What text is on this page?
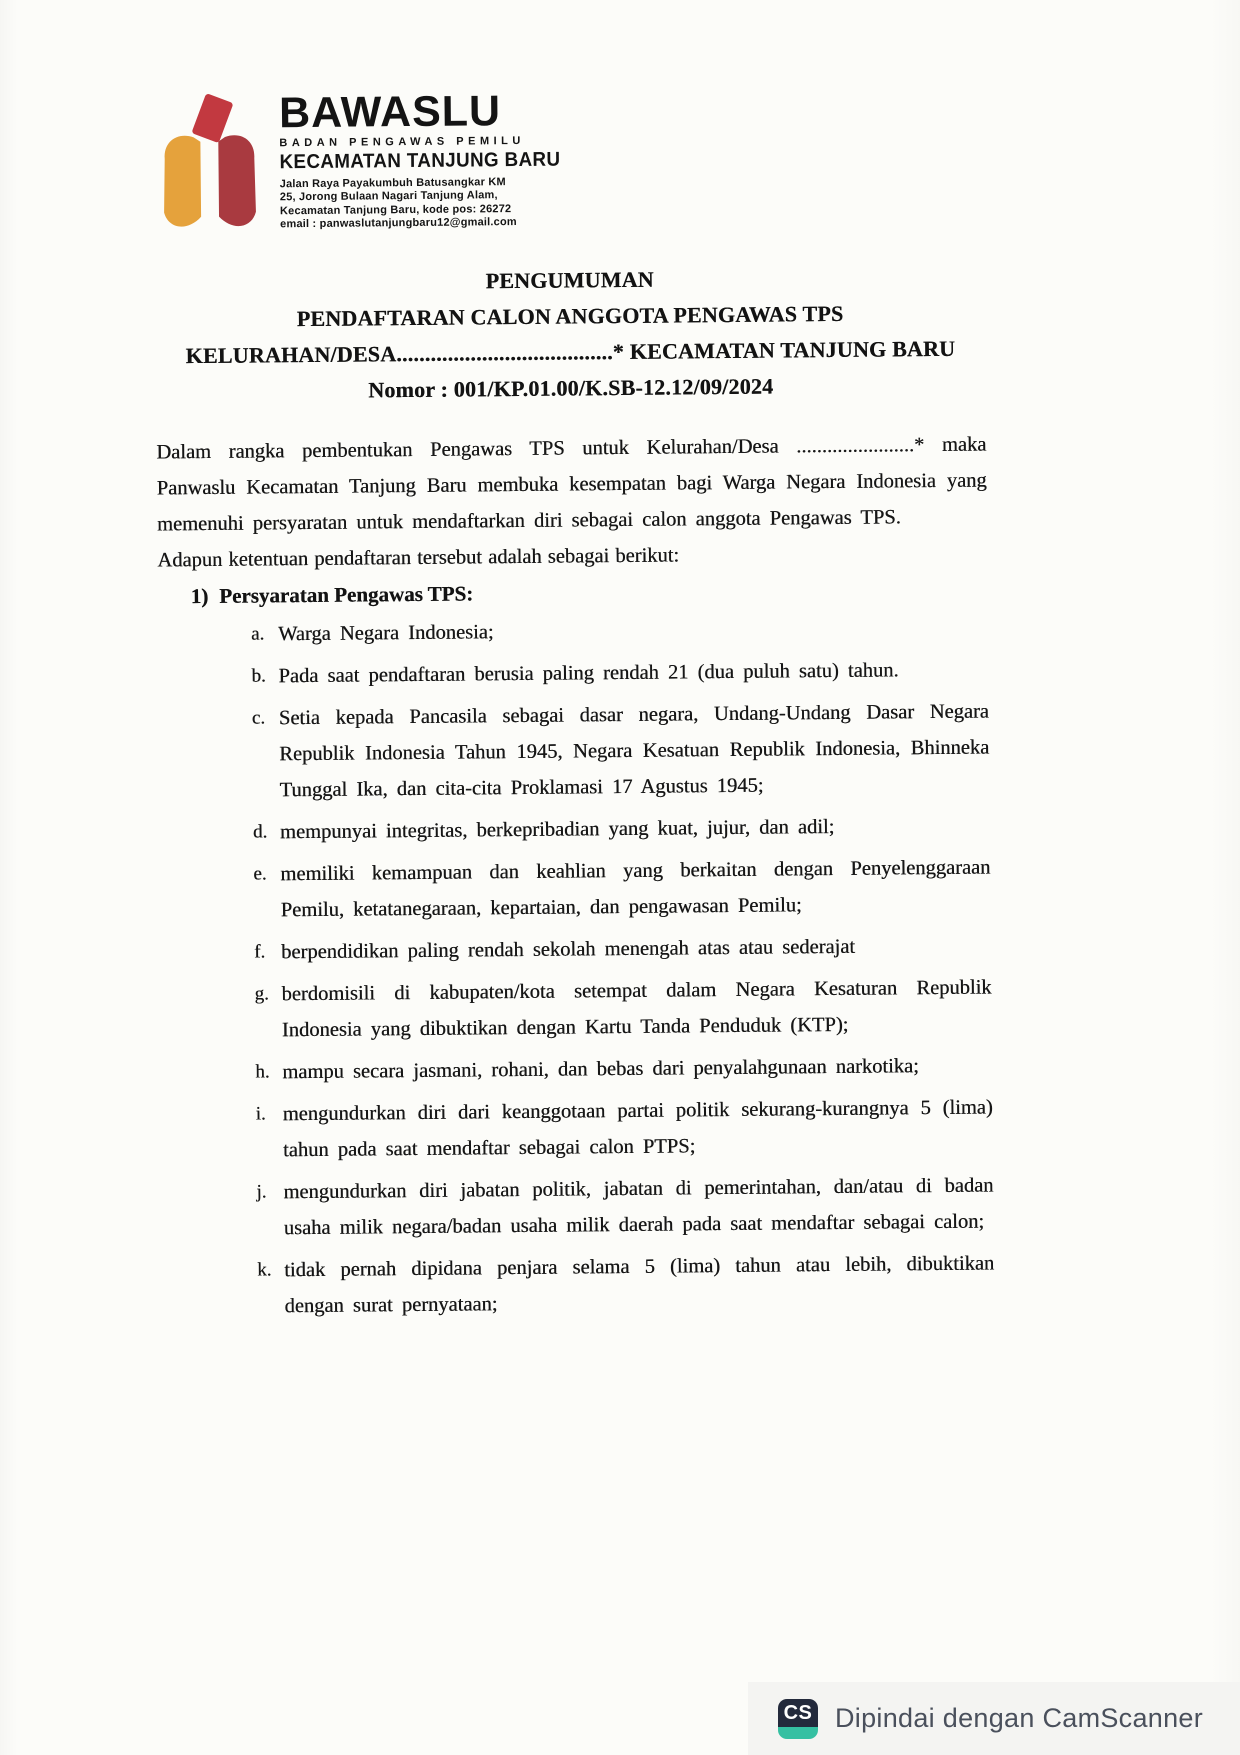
BAWASLU
BADAN PENGAWAS PEMILU
KECAMATAN TANJUNG BARU
Jalan Raya Payakumbuh Batusangkar KM
25, Jorong Bulaan Nagari Tanjung Alam,
Kecamatan Tanjung Baru, kode pos: 26272
email : panwaslutanjungbaru12@gmail.com
PENGUMUMAN
PENDAFTARAN CALON ANGGOTA PENGAWAS TPS
KELURAHAN/DESA......................................* KECAMATAN TANJUNG BARU
Nomor : 001/KP.01.00/K.SB-12.12/09/2024

Dalam rangka pembentukan Pengawas TPS untuk Kelurahan/Desa .......................* maka Panwaslu Kecamatan Tanjung Baru membuka kesempatan bagi Warga Negara Indonesia yang memenuhi persyaratan untuk mendaftarkan diri sebagai calon anggota Pengawas TPS.

Adapun ketentuan pendaftaran tersebut adalah sebagai berikut:

1) Persyaratan Pengawas TPS:
a. Warga Negara Indonesia;
b. Pada saat pendaftaran berusia paling rendah 21 (dua puluh satu) tahun.
c. Setia kepada Pancasila sebagai dasar negara, Undang-Undang Dasar Negara Republik Indonesia Tahun 1945, Negara Kesatuan Republik Indonesia, Bhinneka Tunggal Ika, dan cita-cita Proklamasi 17 Agustus 1945;
d. mempunyai integritas, berkepribadian yang kuat, jujur, dan adil;
e. memiliki kemampuan dan keahlian yang berkaitan dengan Penyelenggaraan Pemilu, ketatanegaraan, kepartaian, dan pengawasan Pemilu;
f. berpendidikan paling rendah sekolah menengah atas atau sederajat
g. berdomisili di kabupaten/kota setempat dalam Negara Kesaturan Republik Indonesia yang dibuktikan dengan Kartu Tanda Penduduk (KTP);
h. mampu secara jasmani, rohani, dan bebas dari penyalahgunaan narkotika;
i. mengundurkan diri dari keanggotaan partai politik sekurang-kurangnya 5 (lima) tahun pada saat mendaftar sebagai calon PTPS;
j. mengundurkan diri jabatan politik, jabatan di pemerintahan, dan/atau di badan usaha milik negara/badan usaha milik daerah pada saat mendaftar sebagai calon;
k. tidak pernah dipidana penjara selama 5 (lima) tahun atau lebih, dibuktikan dengan surat pernyataan;
CS Dipindai dengan CamScanner
